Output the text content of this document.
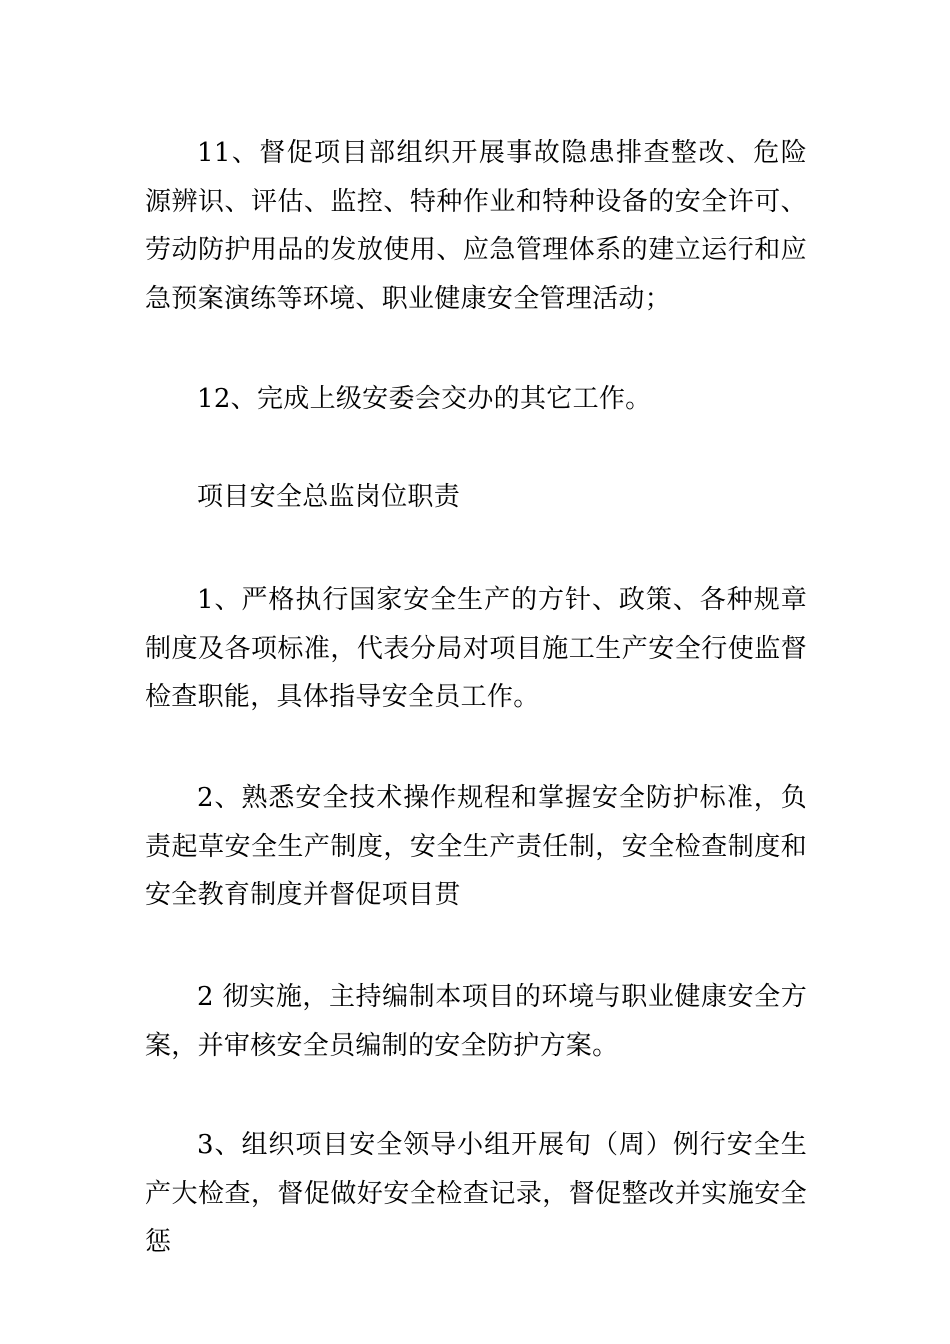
11、督促项目部组织开展事故隐患排查整改、危险源辨识、评估、监控、特种作业和特种设备的安全许可、劳动防护用品的发放使用、应急管理体系的建立运行和应急预案演练等环境、职业健康安全管理活动；

12、完成上级安委会交办的其它工作。

项目安全总监岗位职责

1、严格执行国家安全生产的方针、政策、各种规章制度及各项标准，代表分局对项目施工生产安全行使监督检查职能，具体指导安全员工作。

2、熟悉安全技术操作规程和掌握安全防护标准，负责起草安全生产制度，安全生产责任制，安全检查制度和安全教育制度并督促项目贯

2 彻实施，主持编制本项目的环境与职业健康安全方案，并审核安全员编制的安全防护方案。

3、组织项目安全领导小组开展旬（周）例行安全生产大检查，督促做好安全检查记录，督促整改并实施安全惩
